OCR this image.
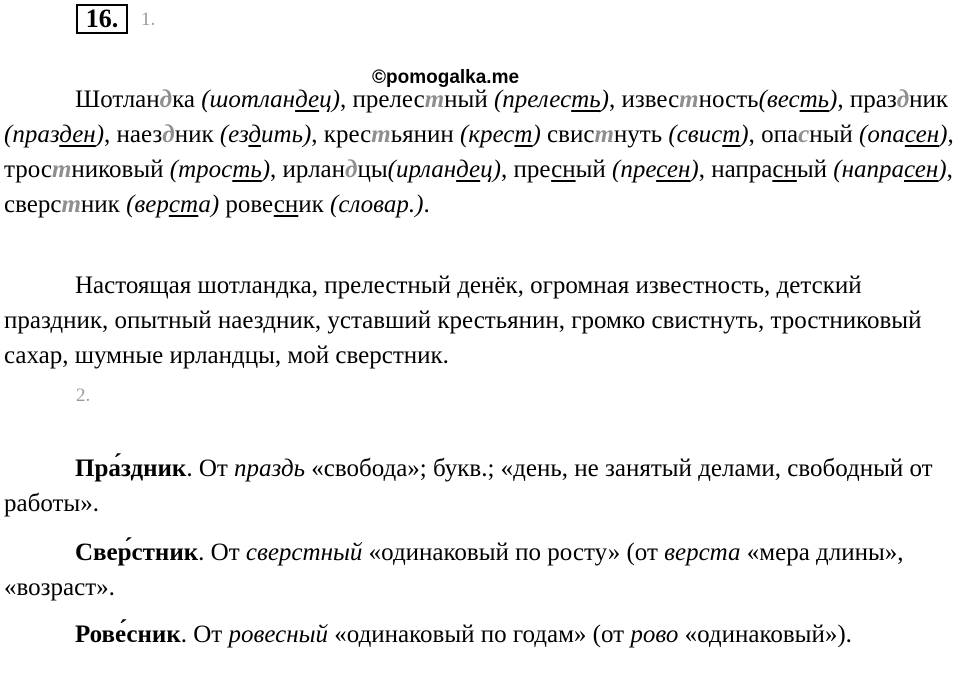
16.	1.
©pomogalka.me

Шотландка (шотландец), прелестный (прелесть), известность(весть), праздник (празден), наездник (ездить), крестьянин (крест) свистнуть (свист), опасный (опасен), тростниковый (трость), ирландцы(ирландец), пресный (пресен), напрасный (напрасен), сверстник (верста) ровесник (словар.).

Настоящая шотландка, прелестный денёк, огромная известность, детский праздник, опытный наездник, уставший крестьянин, громко свистнуть, тростниковый сахар, шумные ирландцы, мой сверстник.

2.

Пра́здник. От праздь «свобода»; букв.; «день, не занятый делами, свободный от работы».

Свер́стник. От сверстный «одинаковый по росту» (от верста «мера длины», «возраст».

Рове́сник. От ровесный «одинаковый по годам» (от рово «одинаковый»).
